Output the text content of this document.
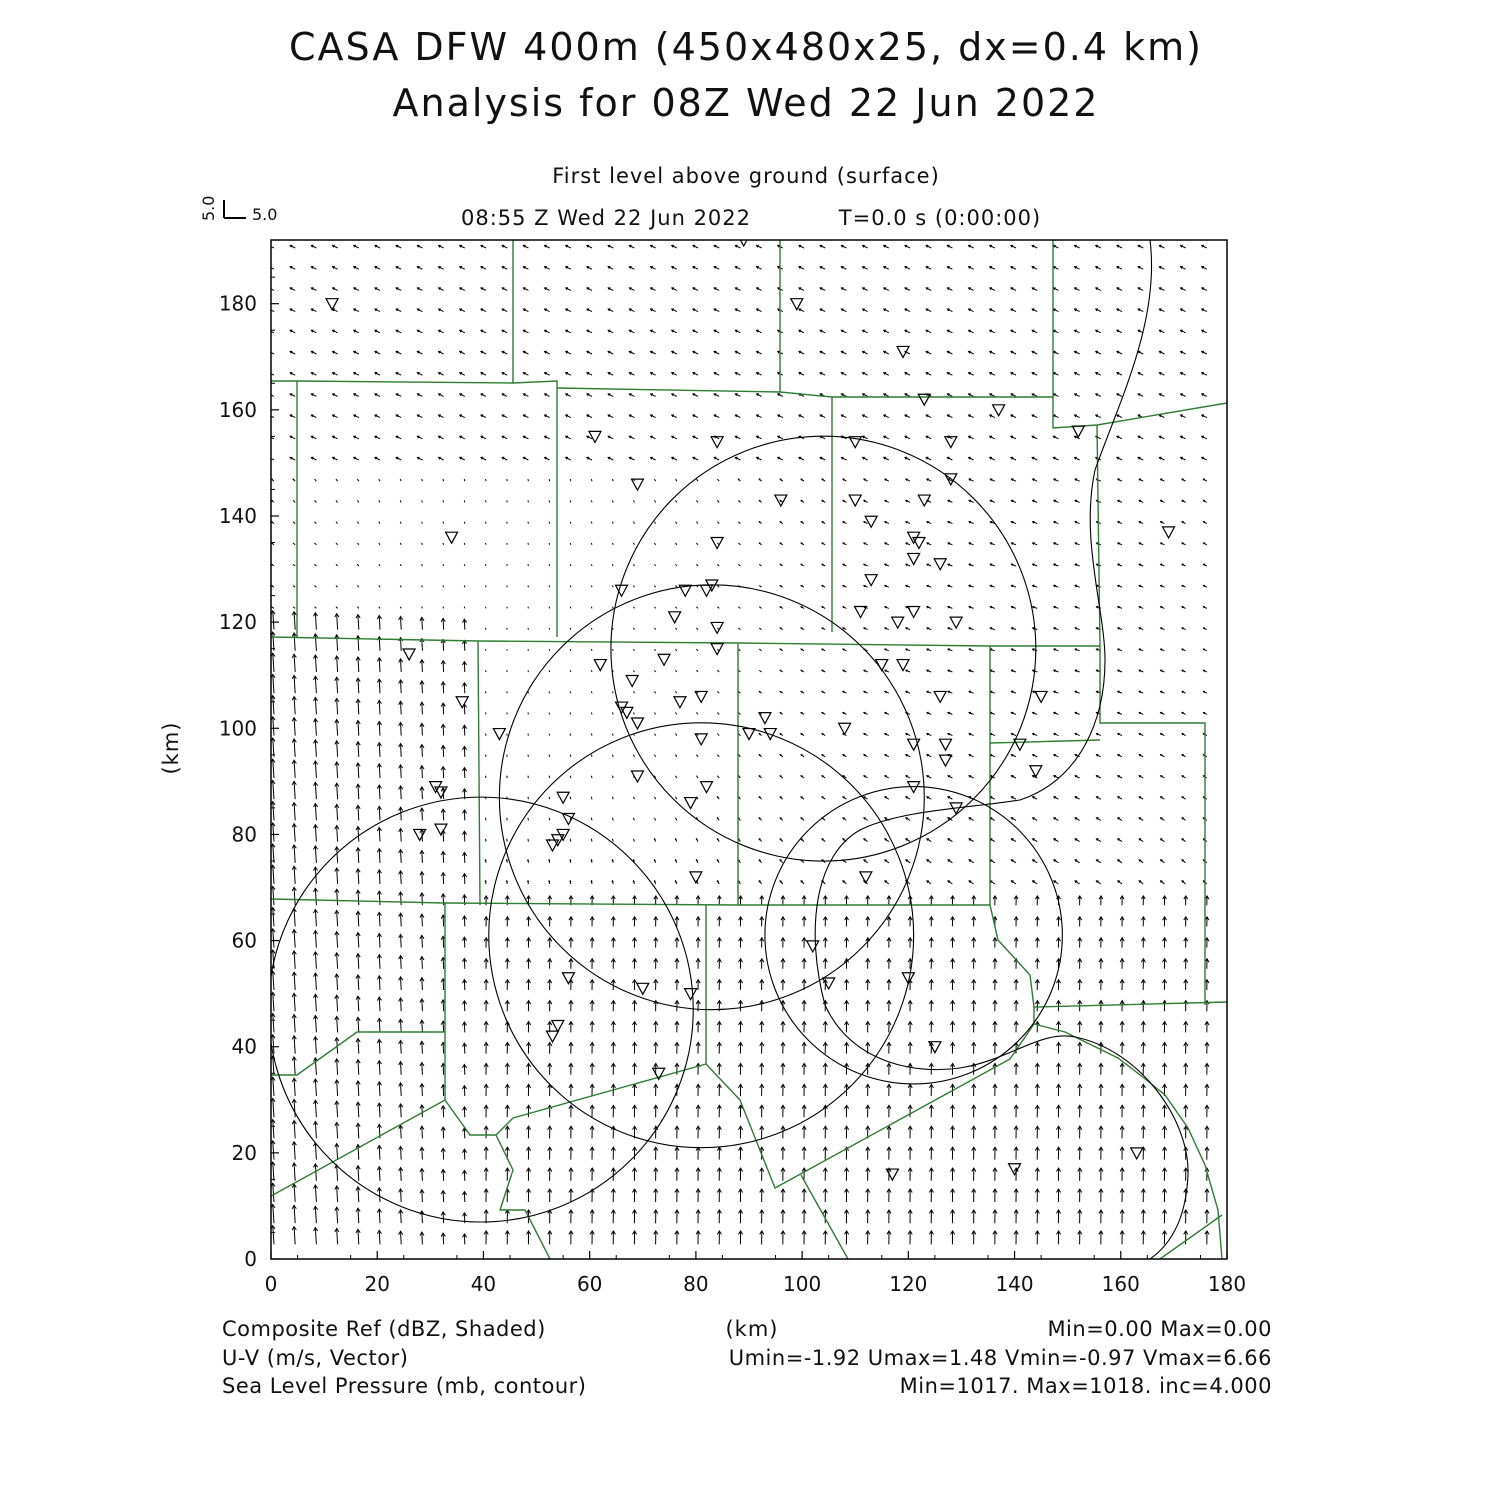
CASA DFW 400m (450x480x25, dx=0.4 km)
Analysis for 08Z Wed 22 Jun 2022
First level above ground (surface)
08:55 Z Wed 22 Jun 2022	T=0.0 s (0:00:00)
5.0
5.0
0	20	40	60	80	100	120	140	160	180
0
20
40
60
80
100
120
140
160
180
(km)
(km)
Composite Ref (dBZ, Shaded)	Min=0.00 Max=0.00
U-V (m/s, Vector)	Umin=-1.92 Umax=1.48 Vmin=-0.97 Vmax=6.66
Sea Level Pressure (mb, contour)	Min=1017. Max=1018. inc=4.000
